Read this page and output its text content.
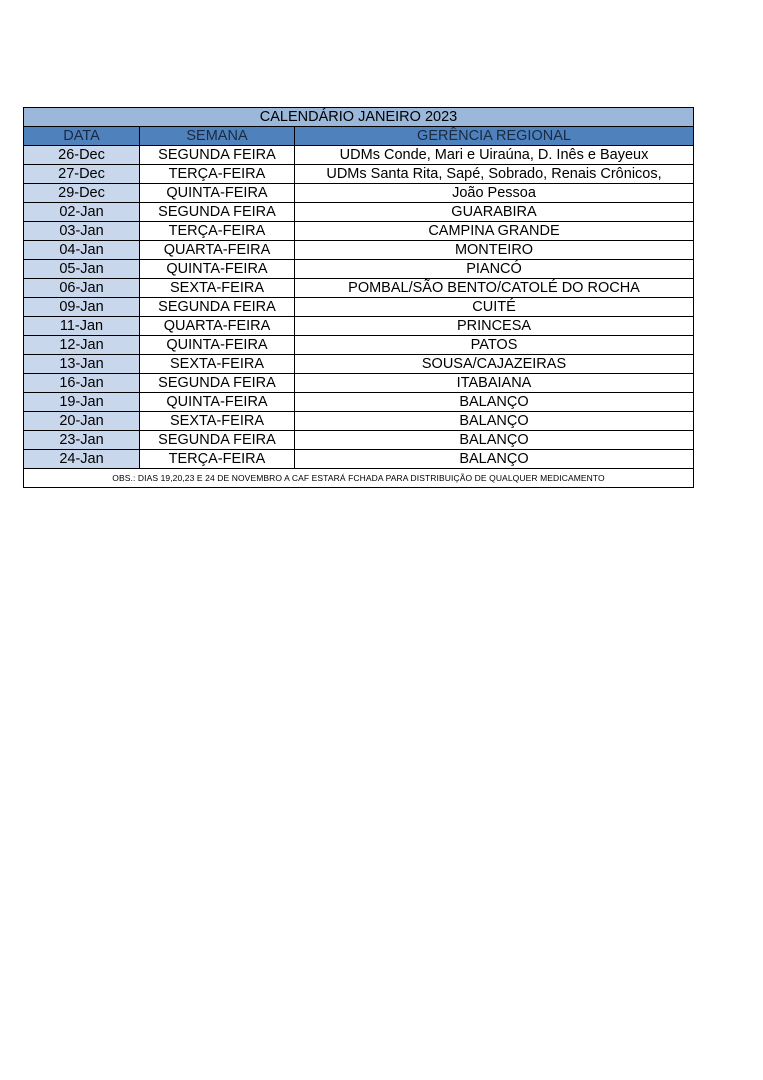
CALENDÁRIO JANEIRO 2023		
DATA	SEMANA	GERÊNCIA REGIONAL
26-Dec	SEGUNDA FEIRA	UDMs Conde, Mari e Uiraúna, D. Inês e Bayeux
27-Dec	TERÇA-FEIRA	UDMs Santa Rita, Sapé, Sobrado, Renais Crônicos,
29-Dec	QUINTA-FEIRA	João Pessoa
02-Jan	SEGUNDA FEIRA	GUARABIRA
03-Jan	TERÇA-FEIRA	CAMPINA GRANDE
04-Jan	QUARTA-FEIRA	MONTEIRO
05-Jan	QUINTA-FEIRA	PIANCÓ
06-Jan	SEXTA-FEIRA	POMBAL/SÃO BENTO/CATOLÉ DO ROCHA
09-Jan	SEGUNDA FEIRA	CUITÉ
11-Jan	QUARTA-FEIRA	PRINCESA
12-Jan	QUINTA-FEIRA	PATOS
13-Jan	SEXTA-FEIRA	SOUSA/CAJAZEIRAS
16-Jan	SEGUNDA FEIRA	ITABAIANA
19-Jan	QUINTA-FEIRA	BALANÇO
20-Jan	SEXTA-FEIRA	BALANÇO
23-Jan	SEGUNDA FEIRA	BALANÇO
24-Jan	TERÇA-FEIRA	BALANÇO
OBS.: DIAS 19,20,23 E 24 DE NOVEMBRO A CAF ESTARÁ FCHADA PARA DISTRIBUIÇÃO DE QUALQUER MEDICAMENTO		
